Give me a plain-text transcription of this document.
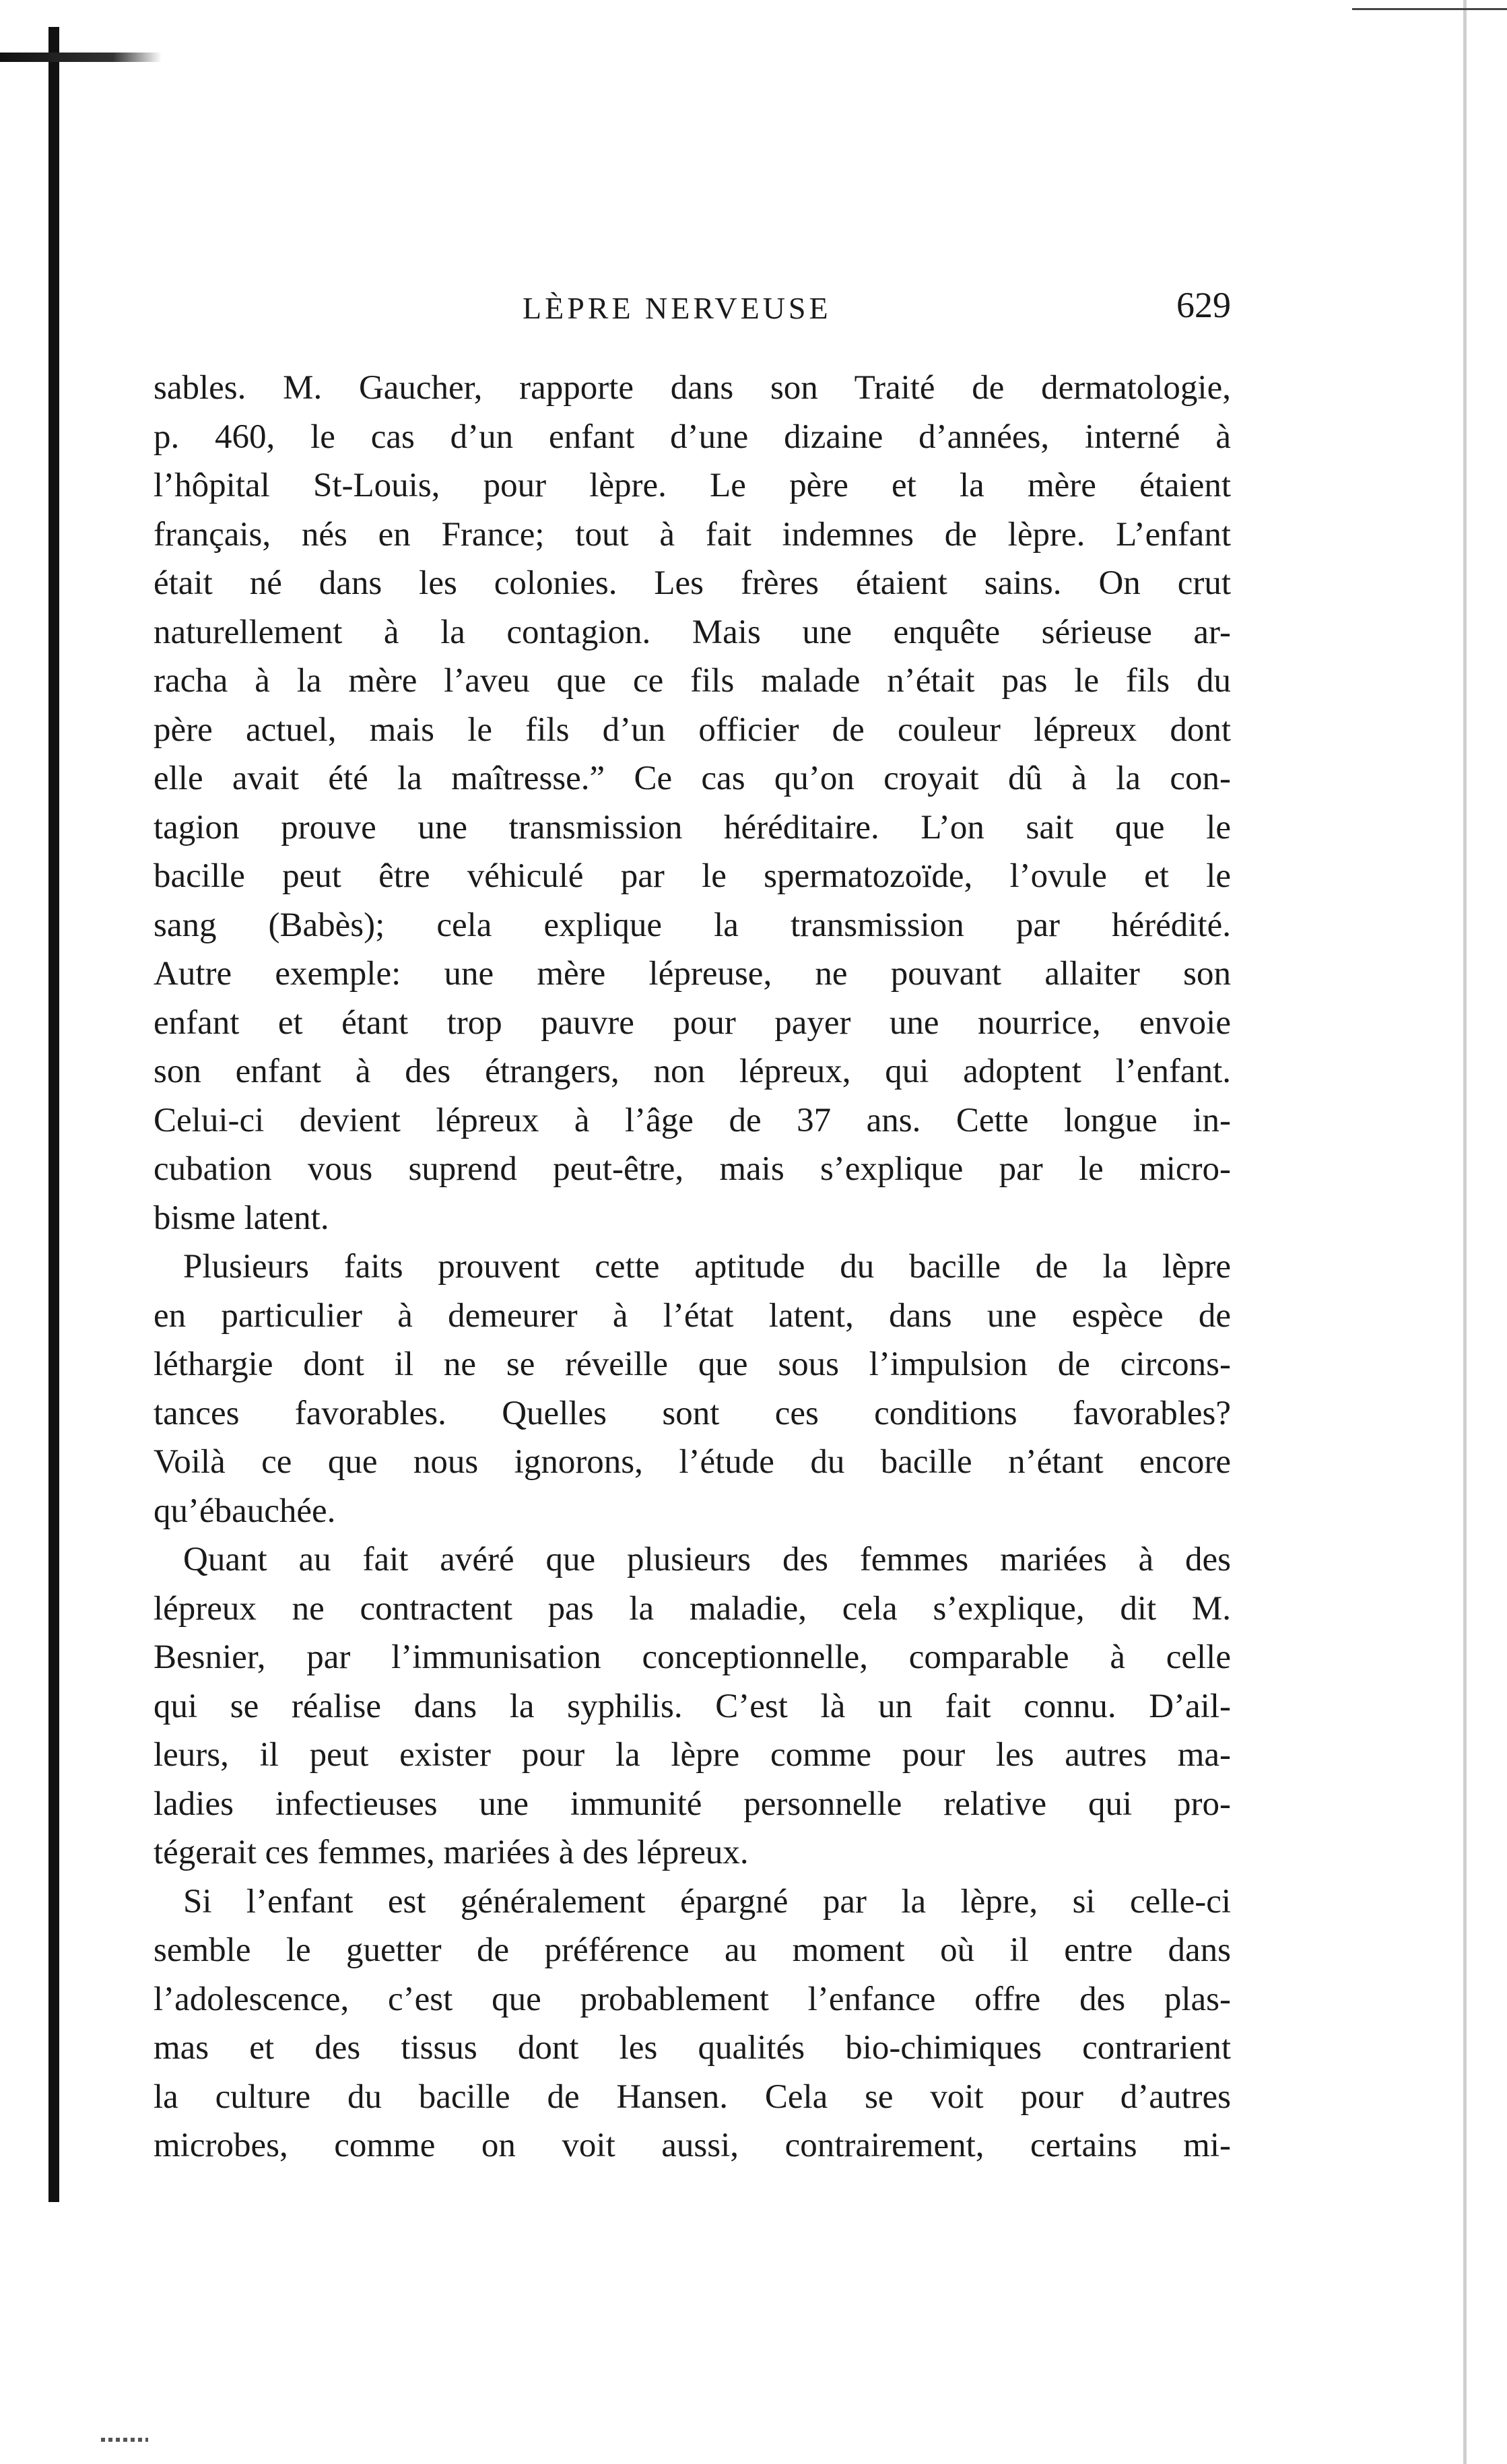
LÈPRE NERVEUSE	629
sables. M. Gaucher, rapporte dans son Traité de dermatologie,
p. 460, le cas d’un enfant d’une dizaine d’années, interné à
l’hôpital St-Louis, pour lèpre. Le père et la mère étaient
français, nés en France; tout à fait indemnes de lèpre. L’enfant
était né dans les colonies. Les frères étaient sains. On crut
naturellement à la contagion. Mais une enquête sérieuse ar-
racha à la mère l’aveu que ce fils malade n’était pas le fils du
père actuel, mais le fils d’un officier de couleur lépreux dont
elle avait été la maîtresse.” Ce cas qu’on croyait dû à la con-
tagion prouve une transmission héréditaire. L’on sait que le
bacille peut être véhiculé par le spermatozoïde, l’ovule et le
sang (Babès); cela explique la transmission par hérédité.
Autre exemple: une mère lépreuse, ne pouvant allaiter son
enfant et étant trop pauvre pour payer une nourrice, envoie
son enfant à des étrangers, non lépreux, qui adoptent l’enfant.
Celui-ci devient lépreux à l’âge de 37 ans. Cette longue in-
cubation vous suprend peut-être, mais s’explique par le micro-
bisme latent.
Plusieurs faits prouvent cette aptitude du bacille de la lèpre
en particulier à demeurer à l’état latent, dans une espèce de
léthargie dont il ne se réveille que sous l’impulsion de circons-
tances favorables. Quelles sont ces conditions favorables?
Voilà ce que nous ignorons, l’étude du bacille n’étant encore
qu’ébauchée.
Quant au fait avéré que plusieurs des femmes mariées à des
lépreux ne contractent pas la maladie, cela s’explique, dit M.
Besnier, par l’immunisation conceptionnelle, comparable à celle
qui se réalise dans la syphilis. C’est là un fait connu. D’ail-
leurs, il peut exister pour la lèpre comme pour les autres ma-
ladies infectieuses une immunité personnelle relative qui pro-
tégerait ces femmes, mariées à des lépreux.
Si l’enfant est généralement épargné par la lèpre, si celle-ci
semble le guetter de préférence au moment où il entre dans
l’adolescence, c’est que probablement l’enfance offre des plas-
mas et des tissus dont les qualités bio-chimiques contrarient
la culture du bacille de Hansen. Cela se voit pour d’autres
microbes, comme on voit aussi, contrairement, certains mi-
